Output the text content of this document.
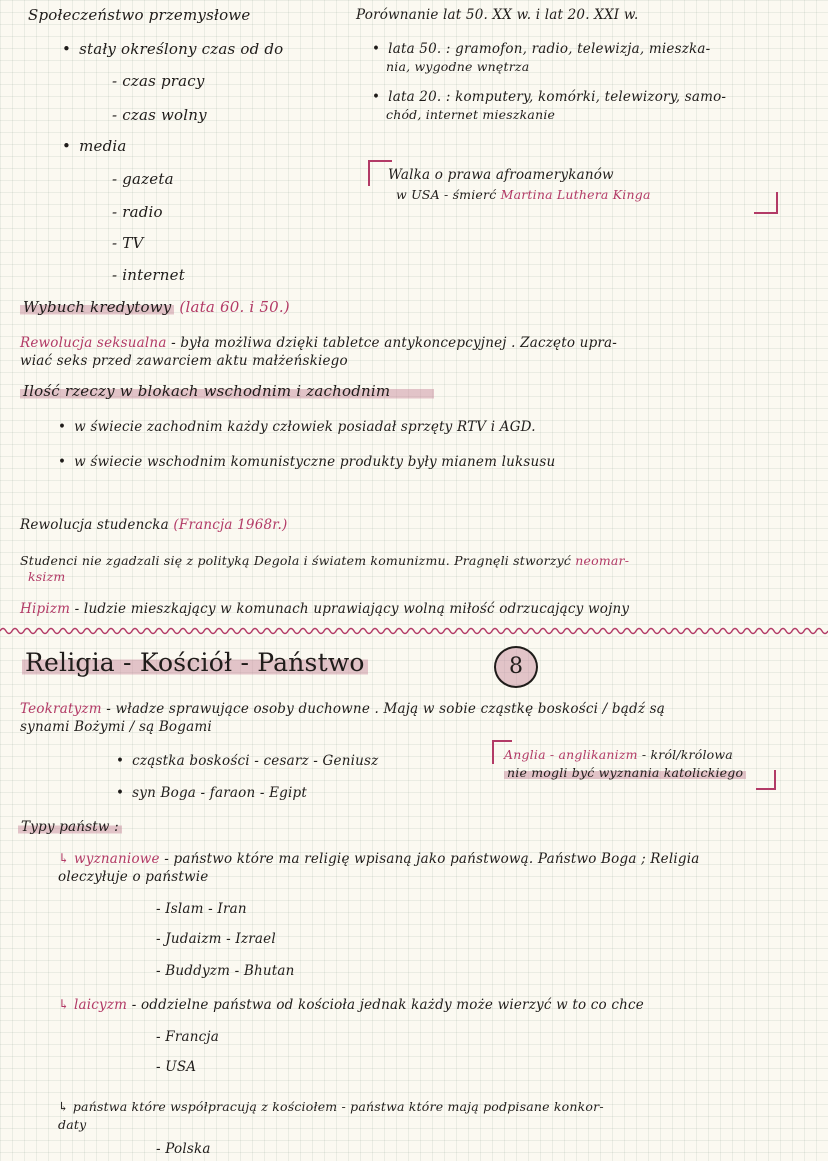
Społeczeństwo przemysłowe
• stały określony czas od do
- czas pracy
- czas wolny
• media
- gazeta
- radio
- TV
- internet
Porównanie lat 50. XX w. i lat 20. XXI w.
• lata 50. : gramofon, radio, telewizja, mieszka-
nia, wygodne wnętrza
• lata 20. : komputery, komórki, telewizory, samo-
chód, internet mieszkanie
Walka o prawa afroamerykanów
w USA - śmierć Martina Luthera Kinga
Wybuch kredytowy (lata 60. i 50.)
Rewolucja seksualna - była możliwa dzięki tabletce antykoncepcyjnej . Zaczęto upra-
wiać seks przed zawarciem aktu małżeńskiego
Ilość rzeczy w blokach wschodnim i zachodnim
• w świecie zachodnim każdy człowiek posiadał sprzęty RTV i AGD.
• w świecie wschodnim komunistyczne produkty były mianem luksusu
Rewolucja studencka (Francja 1968r.)
Studenci nie zgadzali się z polityką Degola i światem komunizmu. Pragnęli stworzyć neomar-
ksizm
Hipizm - ludzie mieszkający w komunach uprawiający wolną miłość odrzucający wojny
Religia - Kościół - Państwo	8
Teokratyzm - władze sprawujące osoby duchowne . Mają w sobie cząstkę boskości / bądź są
synami Bożymi / są Bogami
• cząstka boskości - cesarz - Geniusz
• syn Boga - faraon - Egipt
Anglia - anglikanizm - król/królowa
nie mogli być wyznania katolickiego
Typy państw :
↳ wyznaniowe - państwo które ma religię wpisaną jako państwową. Państwo Boga ; Religia
oleczyłuje o państwie
- Islam - Iran
- Judaizm - Izrael
- Buddyzm - Bhutan
↳ laicyzm - oddzielne państwa od kościoła jednak każdy może wierzyć w to co chce
- Francja
- USA
↳ państwa które współpracują z kościołem - państwa które mają podpisane konkor-
daty
- Polska
